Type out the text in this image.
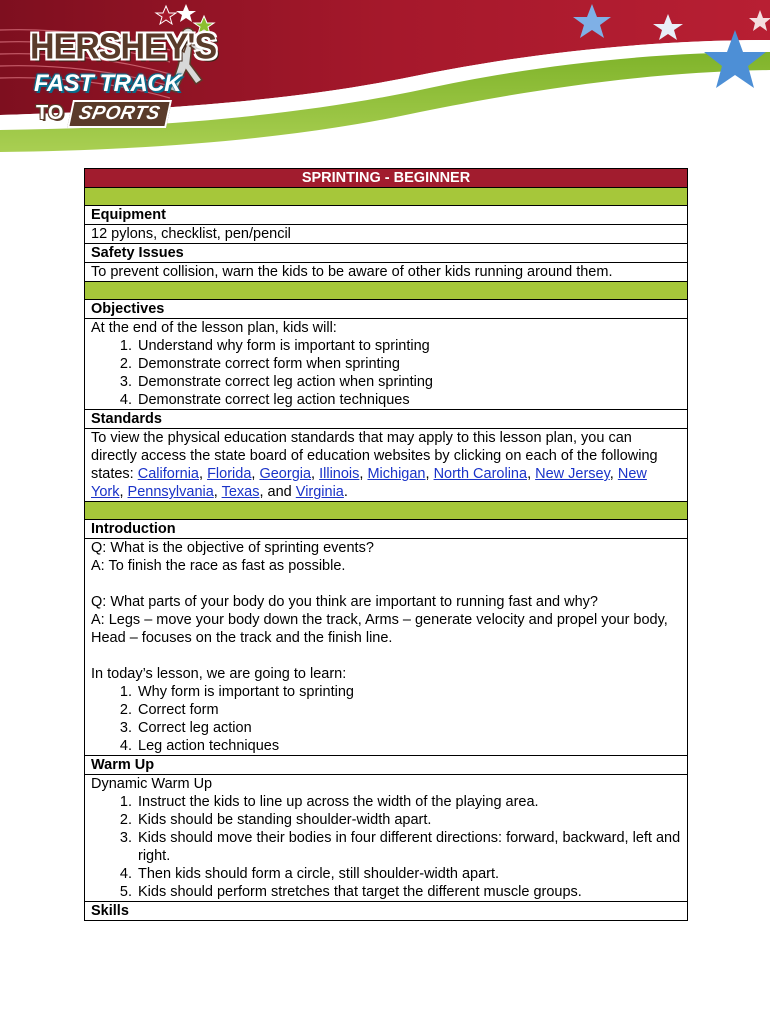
HERSHEY'S
FAST TRACK
TO SPORTS
SPRINTING - BEGINNER
Equipment
12 pylons, checklist, pen/pencil
Safety Issues
To prevent collision, warn the kids to be aware of other kids running around them.
Objectives

At the end of the lesson plan, kids will:

1. Understand why form is important to sprinting
2. Demonstrate correct form when sprinting
3. Demonstrate correct leg action when sprinting
4. Demonstrate correct leg action techniques
Standards

To view the physical education standards that may apply to this lesson plan, you can directly access the state board of education websites by clicking on each of the following states: California, Florida, Georgia, Illinois, Michigan, North Carolina, New Jersey, New York, Pennsylvania, Texas, and Virginia.

Introduction

Q: What is the objective of sprinting events?

A: To finish the race as fast as possible.

Q: What parts of your body do you think are important to running fast and why?

A: Legs – move your body down the track, Arms – generate velocity and propel your body, Head – focuses on the track and the finish line.

In today’s lesson, we are going to learn:

1. Why form is important to sprinting
2. Correct form
3. Correct leg action
4. Leg action techniques
Warm Up

Dynamic Warm Up

1. Instruct the kids to line up across the width of the playing area.
2. Kids should be standing shoulder-width apart.
3. Kids should move their bodies in four different directions: forward, backward, left and right.
4. Then kids should form a circle, still shoulder-width apart.
5. Kids should perform stretches that target the different muscle groups.
Skills
